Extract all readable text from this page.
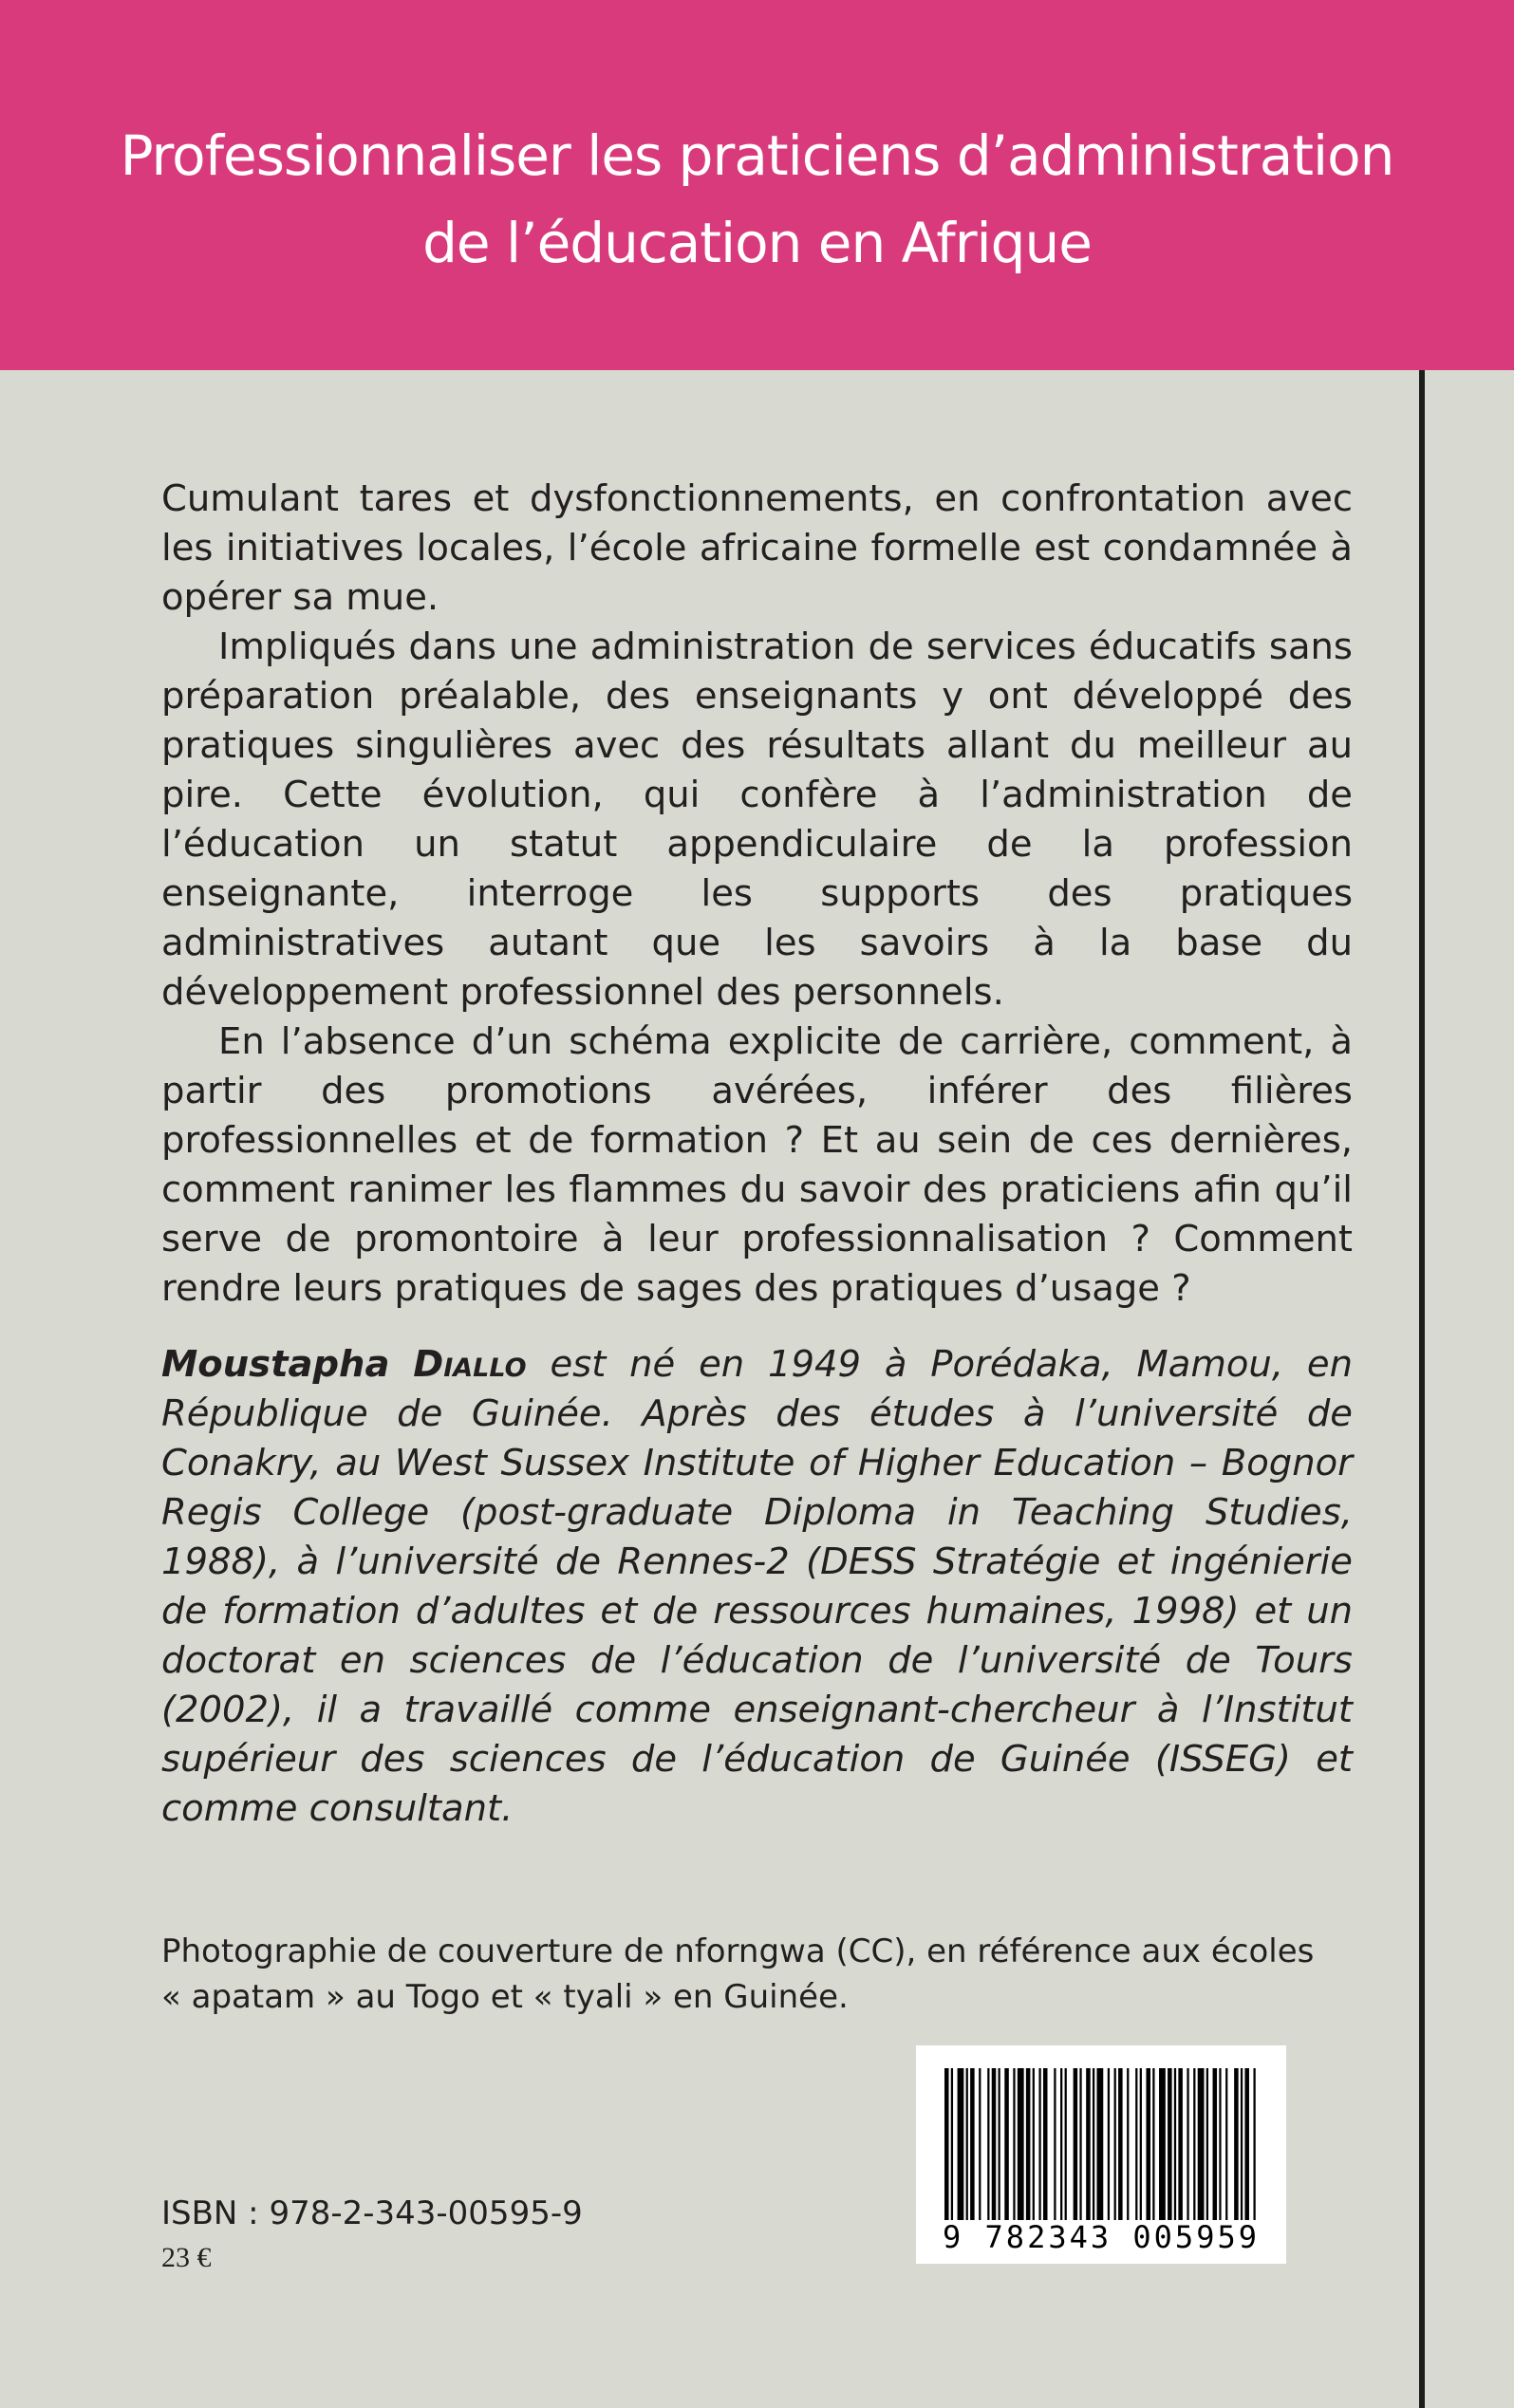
Professionnaliser les praticiens d’administration
de l’éducation en Afrique

Cumulant tares et dysfonctionnements, en confrontation avec les initiatives locales, l’école africaine formelle est condamnée à opérer sa mue.

Impliqués dans une administration de services éducatifs sans préparation préalable, des enseignants y ont développé des pratiques singulières avec des résultats allant du meilleur au pire. Cette évolution, qui confère à l’administration de l’éducation un statut appendiculaire de la profession enseignante, interroge les supports des pratiques administratives autant que les savoirs à la base du développement professionnel des personnels.

En l’absence d’un schéma explicite de carrière, comment, à partir des promotions avérées, inférer des filières professionnelles et de formation ? Et au sein de ces dernières, comment ranimer les flammes du savoir des praticiens afin qu’il serve de promontoire à leur professionnalisation ? Comment rendre leurs pratiques de sages des pratiques d’usage ?

Moustapha Diallo est né en 1949 à Porédaka, Mamou, en République de Guinée. Après des études à l’université de Conakry, au West Sussex Institute of Higher Education – Bognor Regis College (post-graduate Diploma in Teaching Studies, 1988), à l’université de Rennes-2 (DESS Stratégie et ingénierie de formation d’adultes et de ressources humaines, 1998) et un doctorat en sciences de l’éducation de l’université de Tours (2002), il a travaillé comme enseignant-chercheur à l’Institut supérieur des sciences de l’éducation de Guinée (ISSEG) et comme consultant.

Photographie de couverture de nforngwa (CC), en référence aux écoles
« apatam » au Togo et « tyali » en Guinée.
9 782343 005959
ISBN : 978-2-343-00595-9
23 €
